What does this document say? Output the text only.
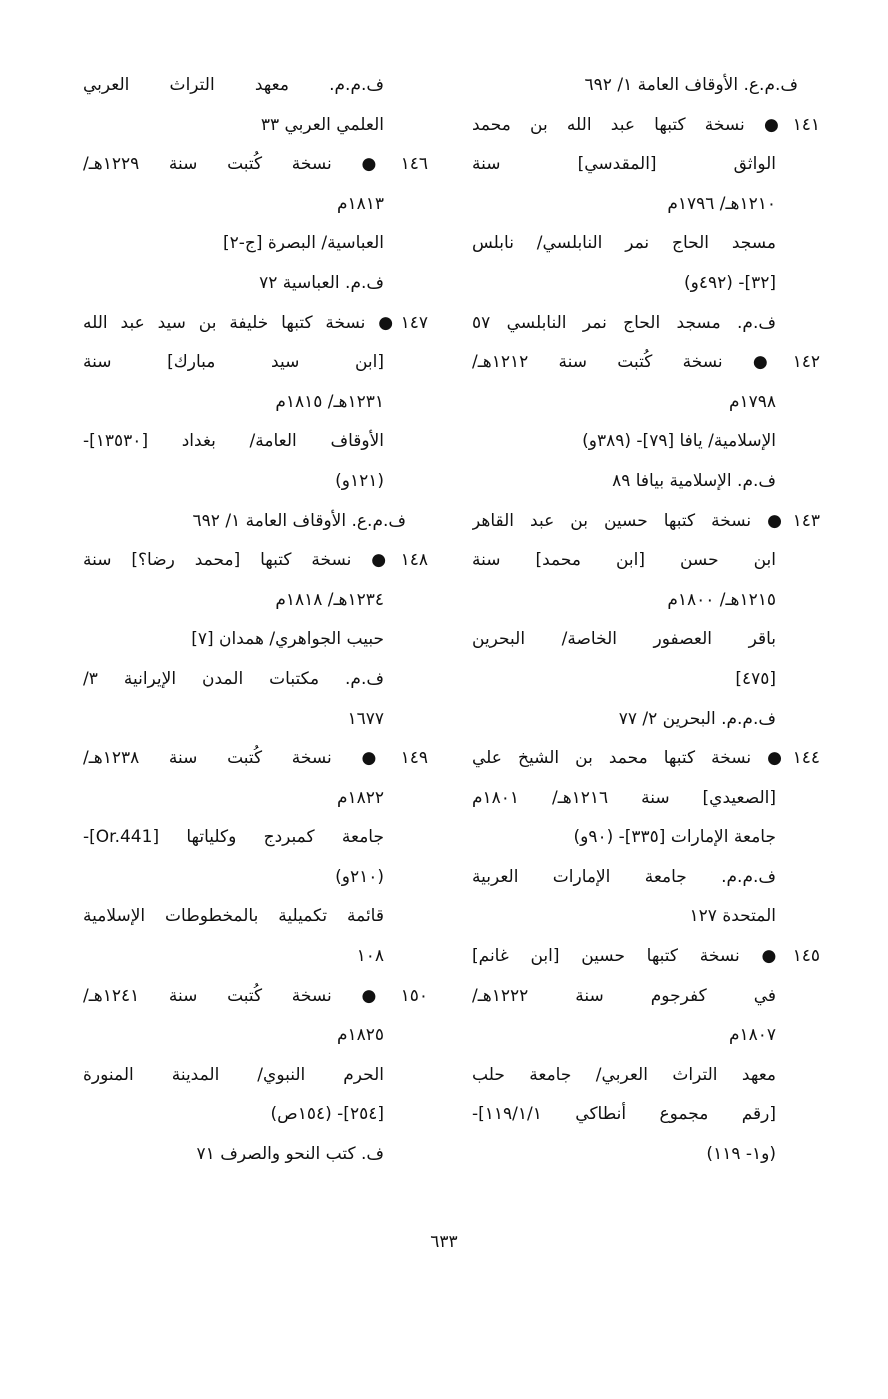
ف.م.ع. الأوقاف العامة ١/ ٦٩٢
١٤١● نسخة كتبها عبد الله بن محمد
الواثق [المقدسي] سنة
١٢١٠هـ/ ١٧٩٦م
مسجد الحاج نمر النابلسي/ نابلس
[٣٢]- (٤٩٢و)
ف.م. مسجد الحاج نمر النابلسي ٥٧
١٤٢● نسخة كُتبت سنة ١٢١٢هـ/
١٧٩٨م
الإسلامية/ يافا [٧٩]- (٣٨٩و)
ف.م. الإسلامية بيافا ٨٩
١٤٣● نسخة كتبها حسين بن عبد القاهر
ابن حسن [ابن محمد] سنة
١٢١٥هـ/ ١٨٠٠م
باقر العصفور الخاصة/ البحرين
[٤٧٥]
ف.م.م. البحرين ٢/ ٧٧
١٤٤● نسخة كتبها محمد بن الشيخ علي
[الصعيدي] سنة ١٢١٦هـ/ ١٨٠١م
جامعة الإمارات [٣٣٥]- (٩٠و)
ف.م.م. جامعة الإمارات العربية
المتحدة ١٢٧
١٤٥● نسخة كتبها حسين [ابن غانم]
في كفرجوم سنة ١٢٢٢هـ/
١٨٠٧م
معهد التراث العربي/ جامعة حلب
[رقم مجموع أنطاكي ١١٩/١/١]-
(و١- ١١٩)
ف.م.م. معهد التراث العربي
العلمي العربي ٣٣
١٤٦● نسخة كُتبت سنة ١٢٢٩هـ/
١٨١٣م
العباسية/ البصرة [ج-٢]
ف.م. العباسية ٧٢
١٤٧● نسخة كتبها خليفة بن سيد عبد الله
[ابن سيد مبارك] سنة
١٢٣١هـ/ ١٨١٥م
الأوقاف العامة/ بغداد [١٣٥٣٠]-
(١٢١و)
ف.م.ع. الأوقاف العامة ١/ ٦٩٢
١٤٨● نسخة كتبها [محمد رضا؟] سنة
١٢٣٤هـ/ ١٨١٨م
حبيب الجواهري/ همدان [٧]
ف.م. مكتبات المدن الإيرانية ٣/
١٦٧٧
١٤٩● نسخة كُتبت سنة ١٢٣٨هـ/
١٨٢٢م
جامعة كمبردج وكلياتها [Or.441]-
(٢١٠و)
قائمة تكميلية بالمخطوطات الإسلامية
١٠٨
١٥٠● نسخة كُتبت سنة ١٢٤١هـ/
١٨٢٥م
الحرم النبوي/ المدينة المنورة
[٢٥٤]- (١٥٤ص)
ف. كتب النحو والصرف ٧١
٦٣٣
